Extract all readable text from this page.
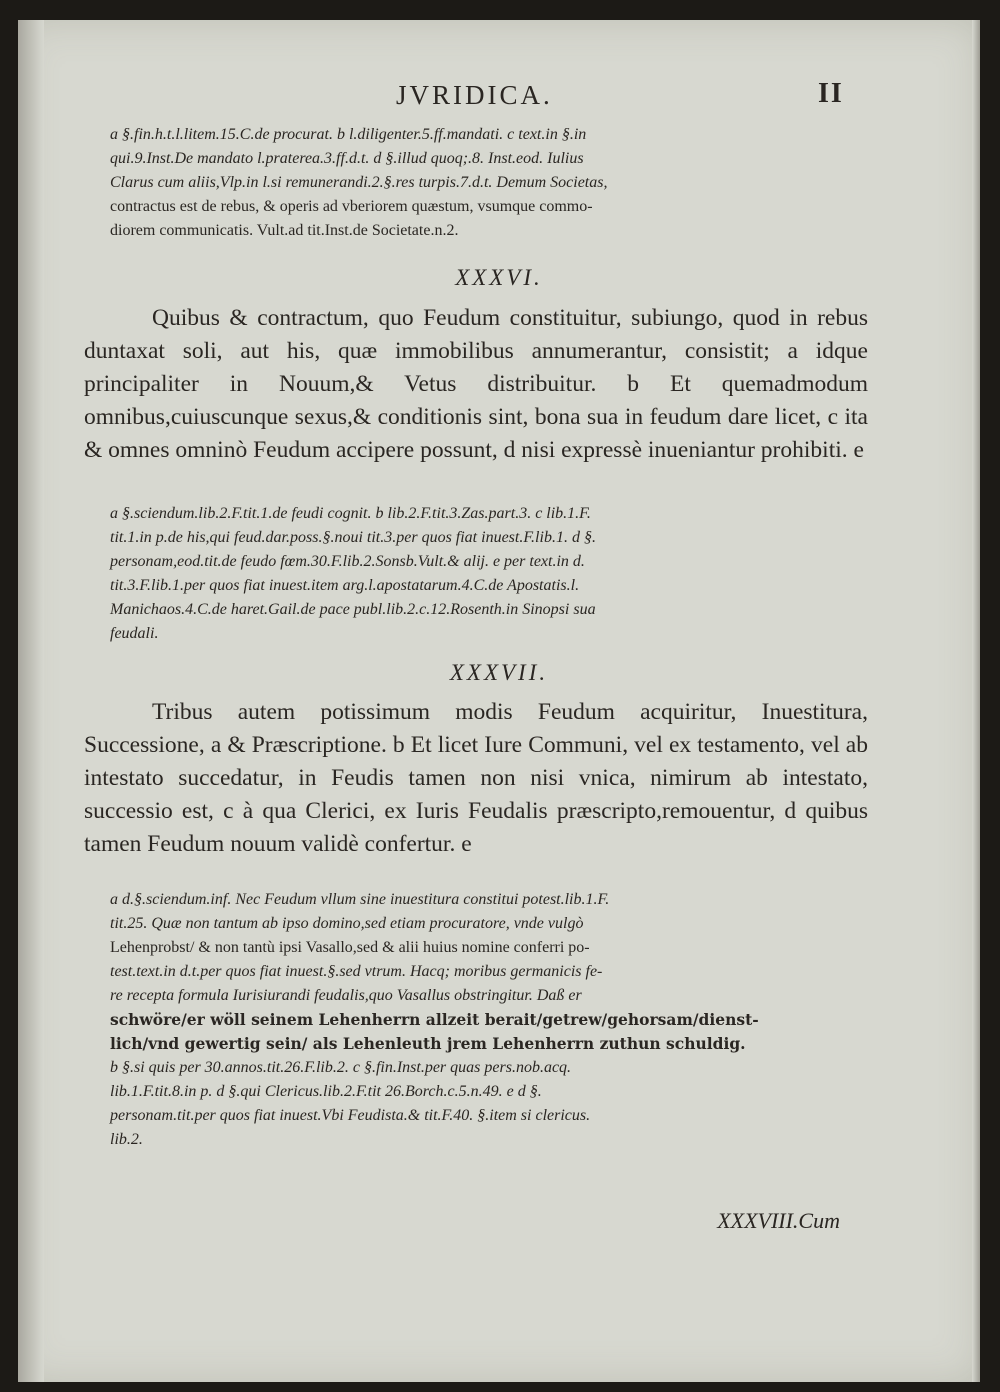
JVRIDICA.	II

a §.fin.h.t.l.litem.15.C.de procurat. b l.diligenter.5.ff.mandati. c text.in §.in

qui.9.Inst.De mandato l.praterea.3.ff.d.t. d §.illud quoq;.8. Inst.eod. Iulius

Clarus cum aliis,Vlp.in l.si remunerandi.2.§.res turpis.7.d.t. Demum Societas,

contractus est de rebus, & operis ad vberiorem quæstum, vsumque commo-

diorem communicatis. Vult.ad tit.Inst.de Societate.n.2.

XXXVI.

Quibus & contractum, quo Feudum constituitur, subiungo, quod in rebus duntaxat soli, aut his, quæ immobilibus annumerantur, consistit; a idque principaliter in Nouum,& Vetus distribuitur. b Et quemadmodum omnibus,cuiuscunque sexus,& conditionis sint, bona sua in feudum dare licet, c ita & omnes omninò Feudum accipere possunt, d nisi expressè inueniantur prohibiti. e

a §.sciendum.lib.2.F.tit.1.de feudi cognit. b lib.2.F.tit.3.Zas.part.3. c lib.1.F.

tit.1.in p.de his,qui feud.dar.poss.§.noui tit.3.per quos fiat inuest.F.lib.1. d §.

personam,eod.tit.de feudo fœm.30.F.lib.2.Sonsb.Vult.& alij. e per text.in d.

tit.3.F.lib.1.per quos fiat inuest.item arg.l.apostatarum.4.C.de Apostatis.l.

Manichaos.4.C.de haret.Gail.de pace publ.lib.2.c.12.Rosenth.in Sinopsi sua

feudali.

XXXVII.

Tribus autem potissimum modis Feudum acquiritur, Inuestitura, Successione, a & Præscriptione. b Et licet Iure Communi, vel ex testamento, vel ab intestato succedatur, in Feudis tamen non nisi vnica, nimirum ab intestato, successio est, c à qua Clerici, ex Iuris Feudalis præscripto,remouentur, d quibus tamen Feudum nouum validè confertur. e

a d.§.sciendum.inf. Nec Feudum vllum sine inuestitura constitui potest.lib.1.F.

tit.25. Quæ non tantum ab ipso domino,sed etiam procuratore, vnde vulgò

Lehenprobst/ & non tantù ipsi Vasallo,sed & alii huius nomine conferri po-

test.text.in d.t.per quos fiat inuest.§.sed vtrum. Hacq; moribus germanicis fe-

re recepta formula Iurisiurandi feudalis,quo Vasallus obstringitur. Daß er

schwöre/er wöll seinem Lehenherrn allzeit berait/getrew/gehorsam/dienst-

lich/vnd gewertig sein/ als Lehenleuth jrem Lehenherrn zuthun schuldig.

b §.si quis per 30.annos.tit.26.F.lib.2. c §.fin.Inst.per quas pers.nob.acq.

lib.1.F.tit.8.in p. d §.qui Clericus.lib.2.F.tit 26.Borch.c.5.n.49. e d §.

personam.tit.per quos fiat inuest.Vbi Feudista.& tit.F.40. §.item si clericus.

lib.2.

XXXVIII.Cum
